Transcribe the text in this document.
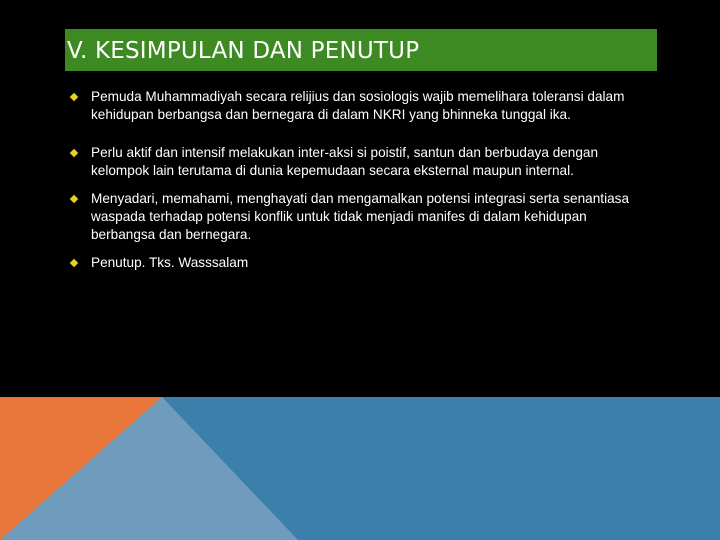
V. KESIMPULAN DAN PENUTUP
Pemuda Muhammadiyah secara relijius dan sosiologis wajib memelihara toleransi dalam kehidupan berbangsa dan bernegara di dalam NKRI yang bhinneka tunggal ika.
Perlu aktif dan intensif melakukan inter-aksi si poistif, santun dan berbudaya dengan kelompok lain terutama di dunia kepemudaan secara eksternal maupun internal.
Menyadari, memahami, menghayati dan mengamalkan potensi integrasi serta senantiasa waspada terhadap potensi konflik untuk tidak menjadi manifes di dalam kehidupan berbangsa dan bernegara.
Penutup. Tks. Wasssalam
